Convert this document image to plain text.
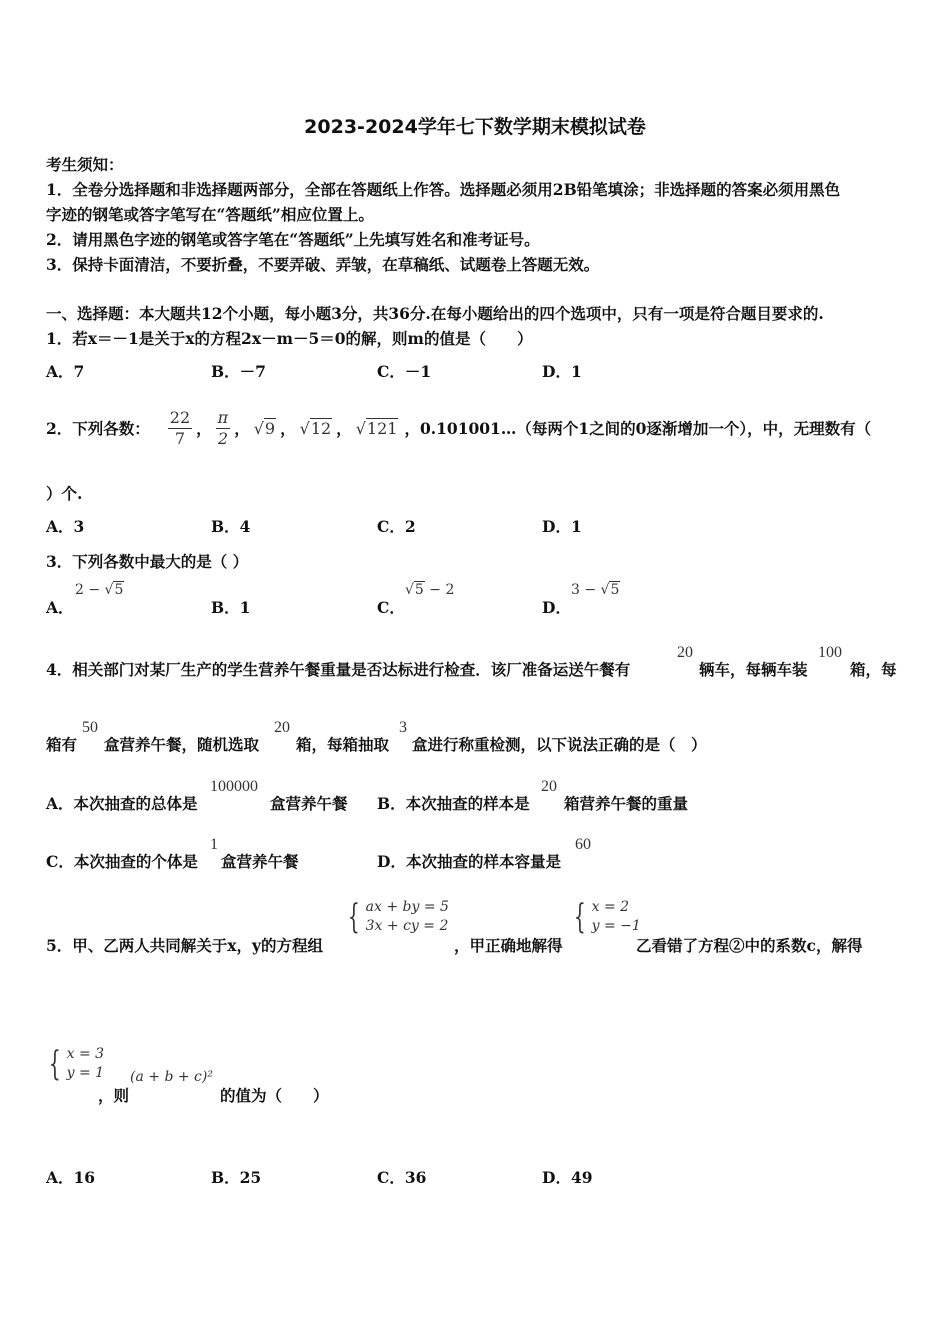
2023-2024学年七下数学期末模拟试卷
考生须知：
1．全卷分选择题和非选择题两部分，全部在答题纸上作答。选择题必须用2B铅笔填涂；非选择题的答案必须用黑色
字迹的钢笔或答字笔写在“答题纸”相应位置上。
2．请用黑色字迹的钢笔或答字笔在“答题纸”上先填写姓名和准考证号。
3．保持卡面清洁，不要折叠，不要弄破、弄皱，在草稿纸、试题卷上答题无效。
一、选择题：本大题共12个小题，每小题3分，共36分.在每小题给出的四个选项中，只有一项是符合题目要求的.
1．若x＝－1是关于x的方程2x－m－5＝0的解，则m的值是（　　）
A．7	B．－7	C．－1	D．1
2．下列各数： $\frac{22}{7}$ ， $\frac{\pi}{2}$ ， √9 ， √12 ， √121 ，0.101001…（每两个1之间的0逐渐增加一个），中，无理数有（
）个.
A．3	B．4	C．2	D．1
3．下列各数中最大的是（ ）
A．
2 − √5
B．1	C．
√5 − 2
D．
3 − √5
4．相关部门对某厂生产的学生营养午餐重量是否达标进行检查．该厂准备运送午餐有
20
辆车，每辆车装
100
箱，每
箱有
50
盒营养午餐，随机选取
20
箱，每箱抽取
3
盒进行称重检测，以下说法正确的是（　）
A．本次抽查的总体是
100000
盒营养午餐 B．本次抽查的样本是
20
箱营养午餐的重量
C．本次抽查的个体是
1
盒营养午餐	D．本次抽查的样本容量是
60
5．甲、乙两人共同解关于x，y的方程组
{ ax + by = 5
3x + cy = 2
，甲正确地解得
{ x = 2
y = −1
乙看错了方程②中的系数c，解得
{ x = 3
y = 1
，则
(a + b + c)²
的值为（　　）
A．16	B．25	C．36	D．49
